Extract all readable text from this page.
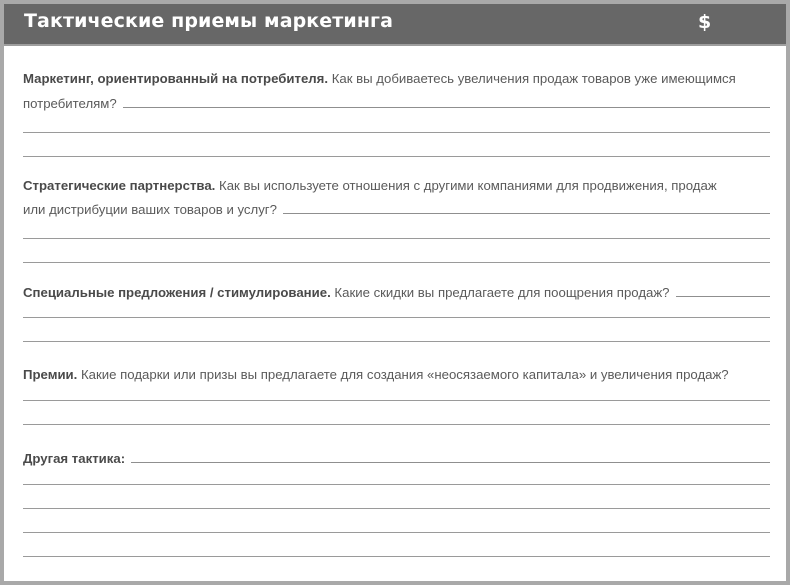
Тактические приемы маркетинга	$
Маркетинг, ориентированный на потребителя.
Как вы добиваетесь увеличения продаж товаров уже имеющимся
потребителям?
Стратегические партнерства.
Как вы используете отношения с другими компаниями для продвижения, продаж
или дистрибуции ваших товаров и услуг?
Специальные предложения / стимулирование.
Какие скидки вы предлагаете для поощрения продаж?
Премии.
Какие подарки или призы вы предлагаете для создания «неосязаемого капитала» и увеличения продаж?
Другая тактика:
